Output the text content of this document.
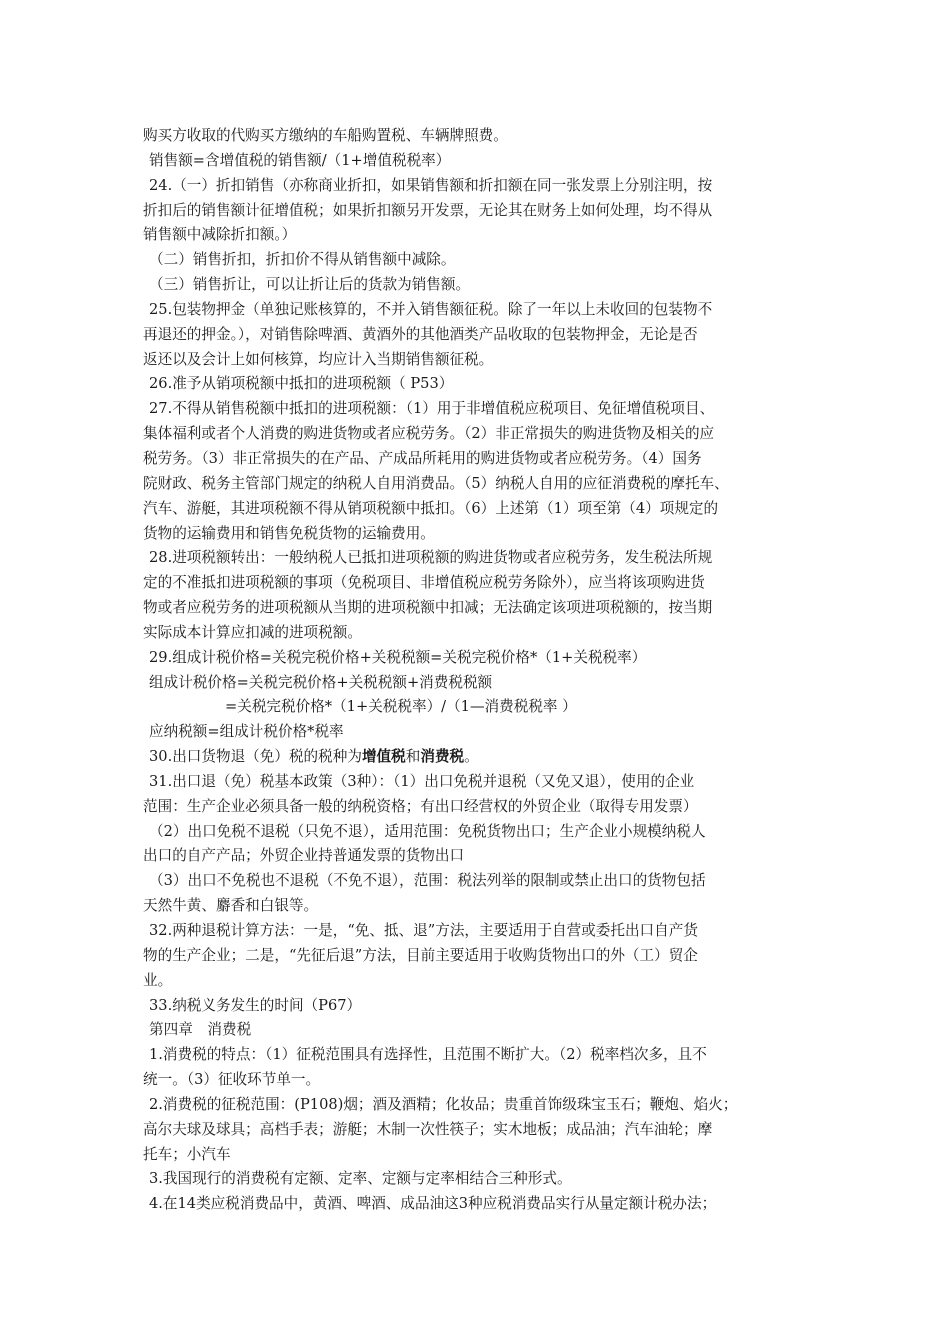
购买方收取的代购买方缴纳的车船购置税、车辆牌照费。
销售额=含增值税的销售额/（1+增值税税率）
24.（一）折扣销售（亦称商业折扣，如果销售额和折扣额在同一张发票上分别注明，按
折扣后的销售额计征增值税；如果折扣额另开发票，无论其在财务上如何处理，均不得从
销售额中减除折扣额。）
（二）销售折扣，折扣价不得从销售额中减除。
（三）销售折让，可以让折让后的货款为销售额。
25.包装物押金（单独记账核算的，不并入销售额征税。除了一年以上未收回的包装物不
再退还的押金。），对销售除啤酒、黄酒外的其他酒类产品收取的包装物押金，无论是否
返还以及会计上如何核算，均应计入当期销售额征税。
26.准予从销项税额中抵扣的进项税额（ P53）
27.不得从销售税额中抵扣的进项税额：（1）用于非增值税应税项目、免征增值税项目、
集体福利或者个人消费的购进货物或者应税劳务。（2）非正常损失的购进货物及相关的应
税劳务。（3）非正常损失的在产品、产成品所耗用的购进货物或者应税劳务。（4）国务
院财政、税务主管部门规定的纳税人自用消费品。（5）纳税人自用的应征消费税的摩托车、
汽车、游艇，其进项税额不得从销项税额中抵扣。（6）上述第（1）项至第（4）项规定的
货物的运输费用和销售免税货物的运输费用。
28.进项税额转出：一般纳税人已抵扣进项税额的购进货物或者应税劳务，发生税法所规
定的不准抵扣进项税额的事项（免税项目、非增值税应税劳务除外），应当将该项购进货
物或者应税劳务的进项税额从当期的进项税额中扣减；无法确定该项进项税额的，按当期
实际成本计算应扣减的进项税额。
29.组成计税价格=关税完税价格+关税税额=关税完税价格*（1+关税税率）
组成计税价格=关税完税价格+关税税额+消费税税额
=关税完税价格*（1+关税税率）/（1—消费税税率 ）
应纳税额=组成计税价格*税率
30.出口货物退（免）税的税种为增值税和消费税。
31.出口退（免）税基本政策（3种）：（1）出口免税并退税（又免又退），使用的企业
范围：生产企业必须具备一般的纳税资格；有出口经营权的外贸企业（取得专用发票）
（2）出口免税不退税（只免不退），适用范围：免税货物出口；生产企业小规模纳税人
出口的自产产品；外贸企业持普通发票的货物出口
（3）出口不免税也不退税（不免不退），范围：税法列举的限制或禁止出口的货物包括
天然牛黄、麝香和白银等。
32.两种退税计算方法：一是，“免、抵、退”方法，主要适用于自营或委托出口自产货
物的生产企业；二是，“先征后退”方法，目前主要适用于收购货物出口的外（工）贸企
业。
33.纳税义务发生的时间（P67）
第四章　消费税
1.消费税的特点：（1）征税范围具有选择性，且范围不断扩大。（2）税率档次多，且不
统一。（3）征收环节单一。
2.消费税的征税范围：(P108)烟；酒及酒精；化妆品；贵重首饰级珠宝玉石；鞭炮、焰火；
高尔夫球及球具；高档手表；游艇；木制一次性筷子；实木地板；成品油；汽车油轮；摩
托车；小汽车
3.我国现行的消费税有定额、定率、定额与定率相结合三种形式。
4.在14类应税消费品中，黄酒、啤酒、成品油这3种应税消费品实行从量定额计税办法；
